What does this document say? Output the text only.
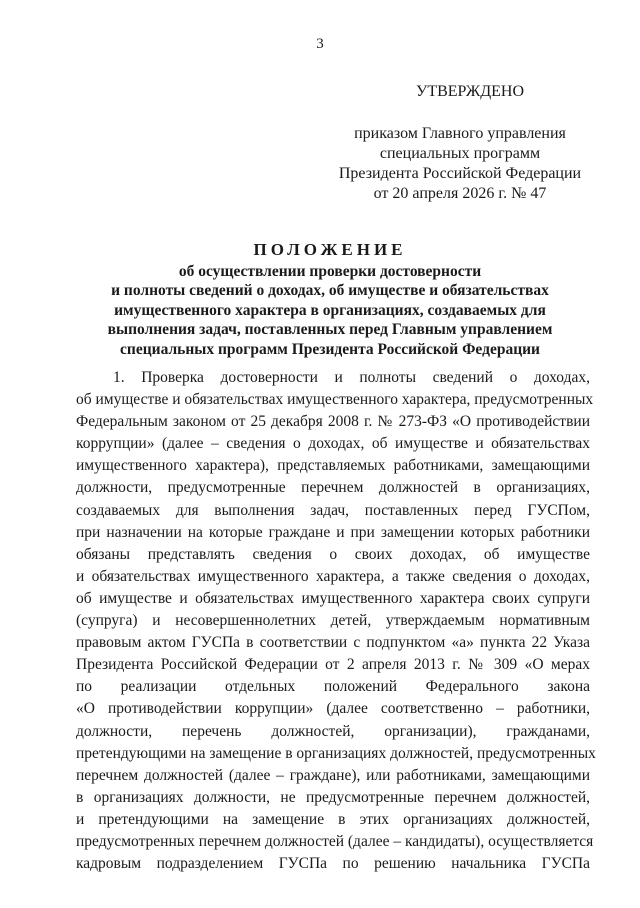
3
УТВЕРЖДЕНО
приказом Главного управления
специальных программ
Президента Российской Федерации
от 20 апреля 2026 г. № 47
ПОЛОЖЕНИЕ
об осуществлении проверки достоверности
и полноты сведений о доходах, об имуществе и обязательствах
имущественного характера в организациях, создаваемых для
выполнения задач, поставленных перед Главным управлением
специальных программ Президента Российской Федерации
1. Проверка достоверности и полноты сведений о доходах,
об имуществе и обязательствах имущественного характера, предусмотренных
Федеральным законом от 25 декабря 2008 г. № 273-ФЗ «О противодействии
коррупции» (далее – сведения о доходах, об имуществе и обязательствах
имущественного характера), представляемых работниками, замещающими
должности, предусмотренные перечнем должностей в организациях,
создаваемых для выполнения задач, поставленных перед ГУСПом,
при назначении на которые граждане и при замещении которых работники
обязаны представлять сведения о своих доходах, об имуществе
и обязательствах имущественного характера, а также сведения о доходах,
об имуществе и обязательствах имущественного характера своих супруги
(супруга) и несовершеннолетних детей, утверждаемым нормативным
правовым актом ГУСПа в соответствии с подпунктом «а» пункта 22 Указа
Президента Российской Федерации от 2 апреля 2013 г. № 309 «О мерах
по реализации отдельных положений Федерального закона
«О противодействии коррупции» (далее соответственно – работники,
должности, перечень должностей, организации), гражданами,
претендующими на замещение в организациях должностей, предусмотренных
перечнем должностей (далее – граждане), или работниками, замещающими
в организациях должности, не предусмотренные перечнем должностей,
и претендующими на замещение в этих организациях должностей,
предусмотренных перечнем должностей (далее – кандидаты), осуществляется
кадровым подразделением ГУСПа по решению начальника ГУСПа
